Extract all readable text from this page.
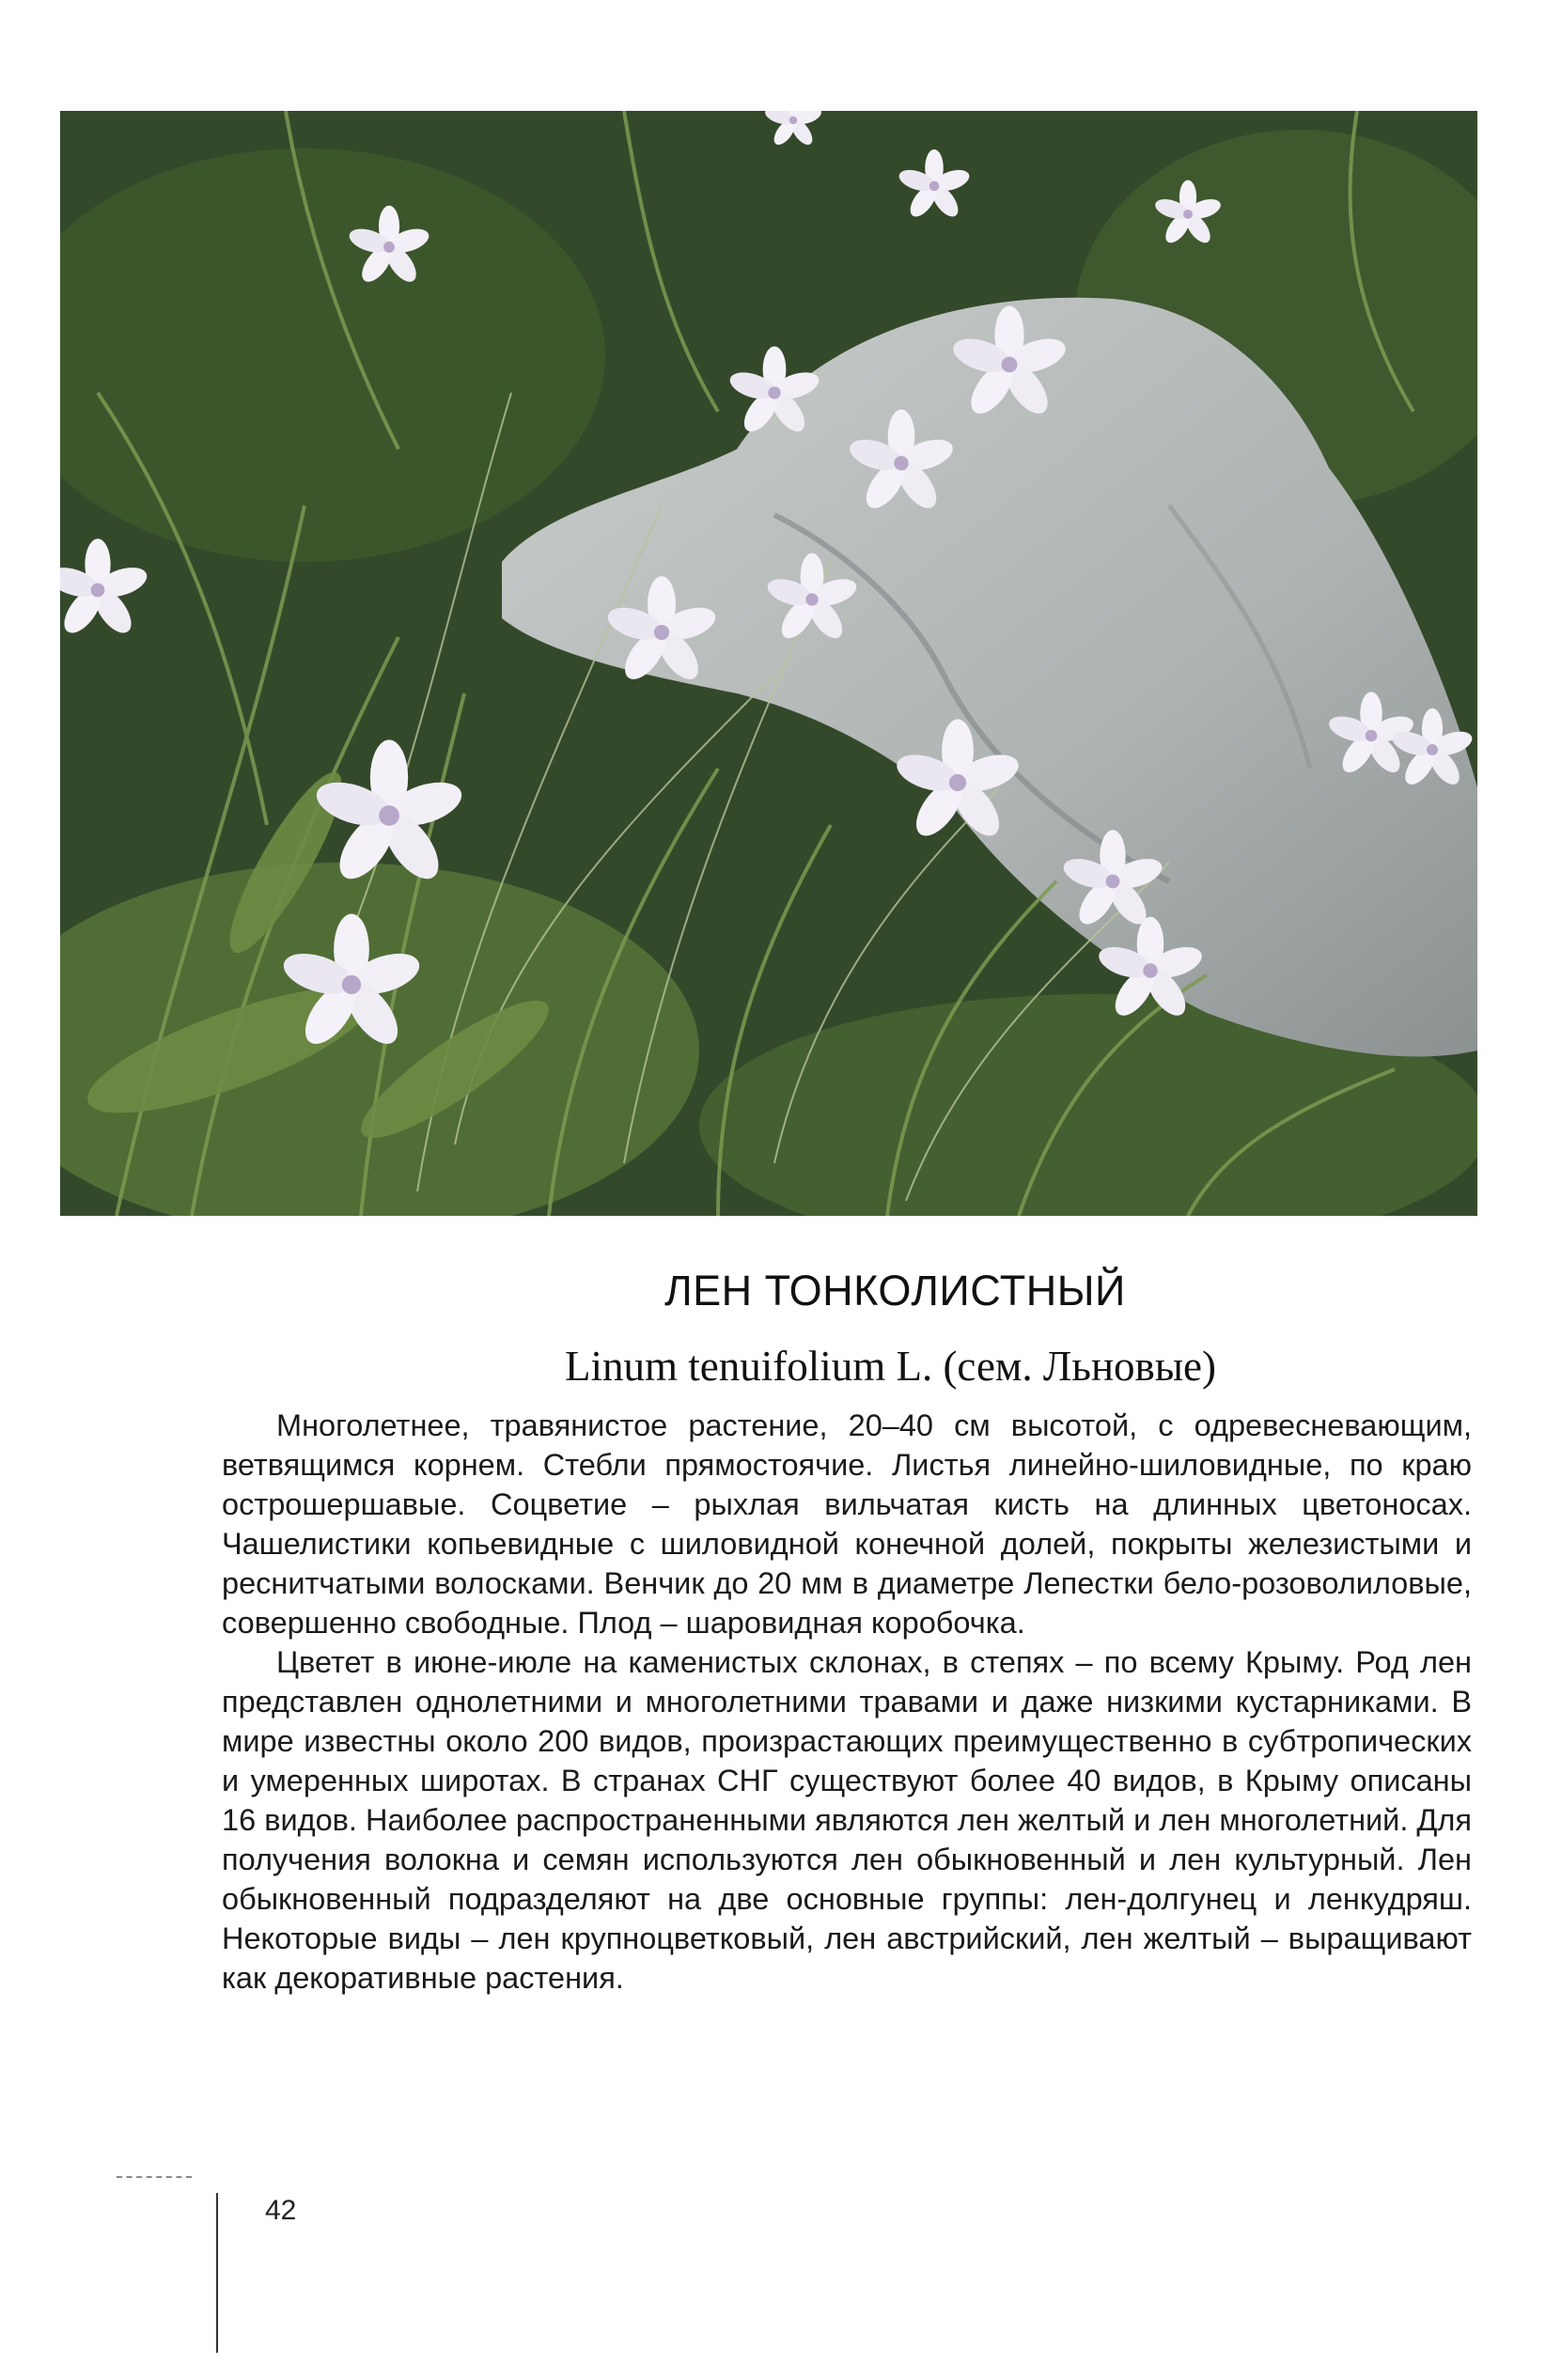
ЛЕН ТОНКОЛИСТНЫЙ
Linum tenuifolium L. (сем. Льновые)

Многолетнее, травянистое растение, 20–40 см высотой, с одревесневающим, ветвящимся корнем. Стебли прямостоячие. Листья линейно-шиловидные, по краю острошершавые. Соцветие – рыхлая вильчатая кисть на длинных цветоносах. Чашелистики копьевидные с шиловидной конечной долей, покрыты железистыми и реснитчатыми волосками. Венчик до 20 мм в диаметре Лепестки бело-розоволиловые, совершенно свободные. Плод – шаровидная коробочка.

Цветет в июне-июле на каменистых склонах, в степях – по всему Крыму. Род лен представлен однолетними и многолетними травами и даже низкими кустарниками. В мире известны около 200 видов, произрастающих преимущественно в субтропических и умеренных широтах. В странах СНГ существуют более 40 видов, в Крыму описаны 16 видов. Наиболее распространенными являются лен желтый и лен многолетний. Для получения волокна и семян используются лен обыкновенный и лен культурный. Лен обыкновенный подразделяют на две основные группы: лен-долгунец и ленкудряш. Некоторые виды – лен крупноцветковый, лен австрийский, лен желтый – выращивают как декоративные растения.

42
